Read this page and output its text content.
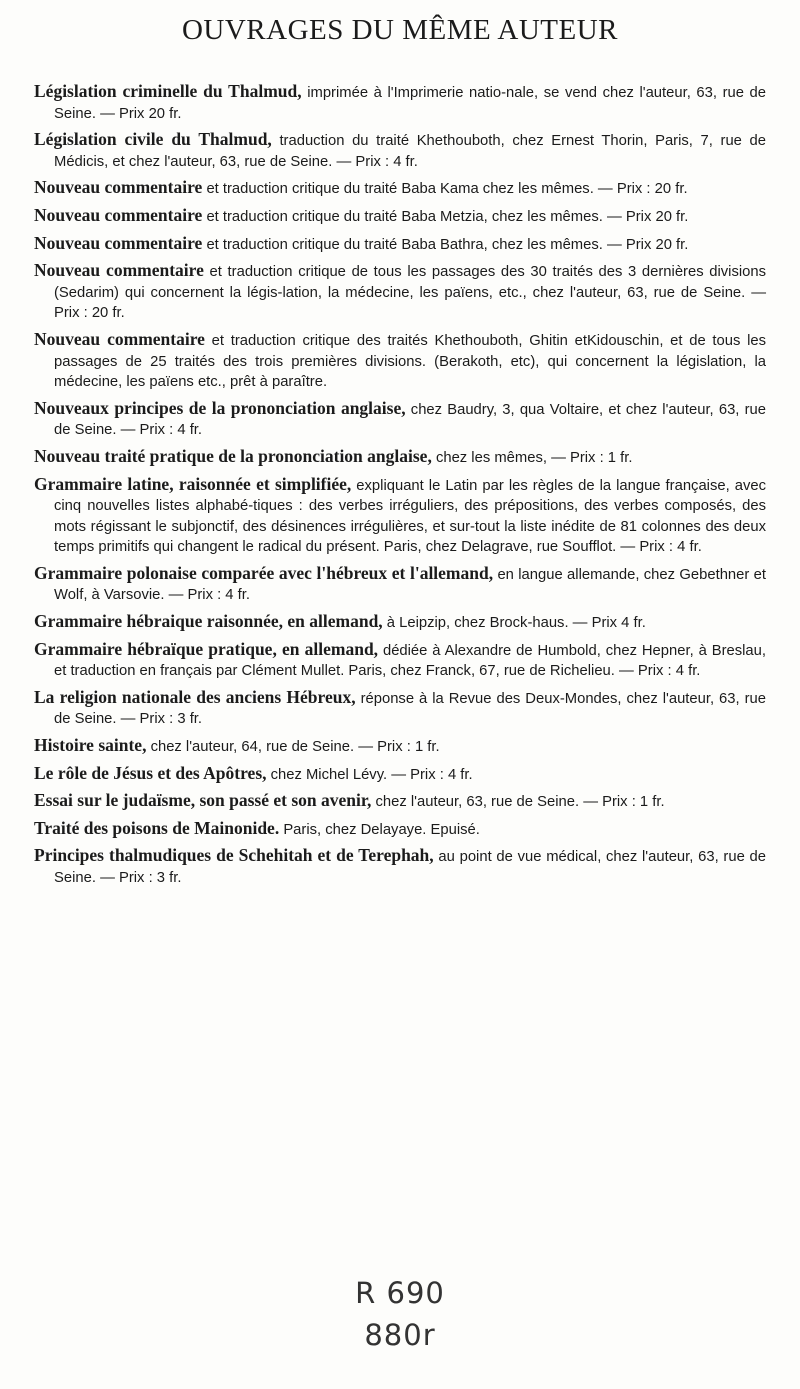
OUVRAGES DU MÊME AUTEUR

Législation criminelle du Thalmud, imprimée à l'Imprimerie natio-nale, se vend chez l'auteur, 63, rue de Seine. — Prix 20 fr.

Législation civile du Thalmud, traduction du traité Khethouboth, chez Ernest Thorin, Paris, 7, rue de Médicis, et chez l'auteur, 63, rue de Seine. — Prix : 4 fr.

Nouveau commentaire et traduction critique du traité Baba Kama chez les mêmes. — Prix : 20 fr.

Nouveau commentaire et traduction critique du traité Baba Metzia, chez les mêmes. — Prix 20 fr.

Nouveau commentaire et traduction critique du traité Baba Bathra, chez les mêmes. — Prix 20 fr.

Nouveau commentaire et traduction critique de tous les passages des 30 traités des 3 dernières divisions (Sedarim) qui concernent la légis-lation, la médecine, les païens, etc., chez l'auteur, 63, rue de Seine. — Prix : 20 fr.

Nouveau commentaire et traduction critique des traités Khethouboth, Ghitin etKidouschin, et de tous les passages de 25 traités des trois premières divisions. (Berakoth, etc), qui concernent la législation, la médecine, les païens etc., prêt à paraître.

Nouveaux principes de la prononciation anglaise, chez Baudry, 3, qua Voltaire, et chez l'auteur, 63, rue de Seine. — Prix : 4 fr.

Nouveau traité pratique de la prononciation anglaise, chez les mêmes, — Prix : 1 fr.

Grammaire latine, raisonnée et simplifiée, expliquant le Latin par les règles de la langue française, avec cinq nouvelles listes alphabé-tiques : des verbes irréguliers, des prépositions, des verbes composés, des mots régissant le subjonctif, des désinences irrégulières, et sur-tout la liste inédite de 81 colonnes des deux temps primitifs qui changent le radical du présent. Paris, chez Delagrave, rue Soufflot. — Prix : 4 fr.

Grammaire polonaise comparée avec l'hébreux et l'allemand, en langue allemande, chez Gebethner et Wolf, à Varsovie. — Prix : 4 fr.

Grammaire hébraique raisonnée, en allemand, à Leipzip, chez Brock-haus. — Prix 4 fr.

Grammaire hébraïque pratique, en allemand, dédiée à Alexandre de Humbold, chez Hepner, à Breslau, et traduction en français par Clément Mullet. Paris, chez Franck, 67, rue de Richelieu. — Prix : 4 fr.

La religion nationale des anciens Hébreux, réponse à la Revue des Deux-Mondes, chez l'auteur, 63, rue de Seine. — Prix : 3 fr.

Histoire sainte, chez l'auteur, 64, rue de Seine. — Prix : 1 fr.

Le rôle de Jésus et des Apôtres, chez Michel Lévy. — Prix : 4 fr.

Essai sur le judaïsme, son passé et son avenir, chez l'auteur, 63, rue de Seine. — Prix : 1 fr.

Traité des poisons de Mainonide. Paris, chez Delayaye. Epuisé.

Principes thalmudiques de Schehitah et de Terephah, au point de vue médical, chez l'auteur, 63, rue de Seine. — Prix : 3 fr.

R 690
880r
